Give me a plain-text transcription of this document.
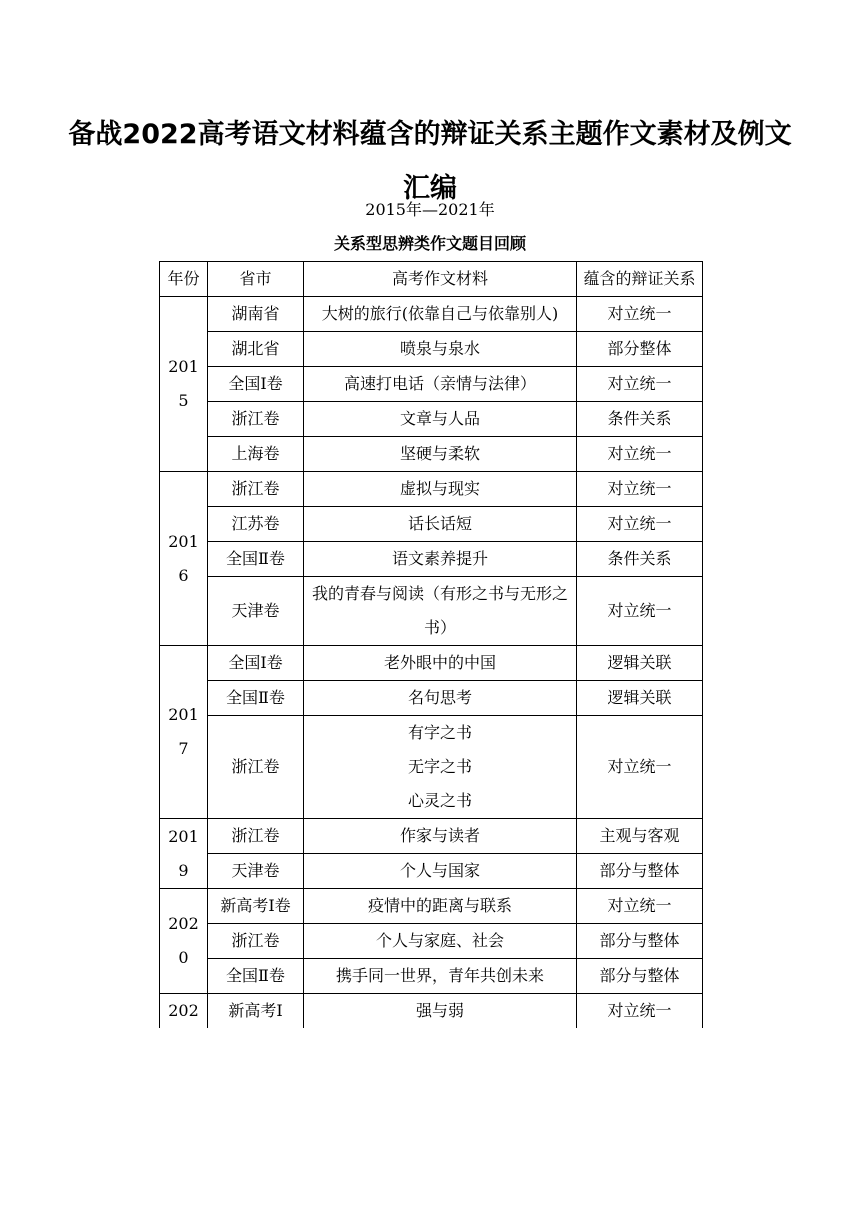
备战2022高考语文材料蕴含的辩证关系主题作文素材及例文
汇编
2015年—2021年
关系型思辨类作文题目回顾
年份	省市	高考作文材料	蕴含的辩证关系
2015	湖南省	大树的旅行(依靠自己与依靠别人)	对立统一
	湖北省	喷泉与泉水	部分整体
	全国Ⅰ卷	高速打电话（亲情与法律）	对立统一
	浙江卷	文章与人品	条件关系
	上海卷	坚硬与柔软	对立统一
2016	浙江卷	虚拟与现实	对立统一
	江苏卷	话长话短	对立统一
	全国Ⅱ卷	语文素养提升	条件关系
	天津卷	我的青春与阅读（有形之书与无形之书）	对立统一
2017	全国Ⅰ卷	老外眼中的中国	逻辑关联
	全国Ⅱ卷	名句思考	逻辑关联
	浙江卷	有字之书
无字之书
心灵之书	对立统一
2019	浙江卷	作家与读者	主观与客观
	天津卷	个人与国家	部分与整体
2020	新高考Ⅰ卷	疫情中的距离与联系	对立统一
	浙江卷	个人与家庭、社会	部分与整体
	全国Ⅱ卷	携手同一世界，青年共创未来	部分与整体
202	新高考Ⅰ	强与弱	对立统一
